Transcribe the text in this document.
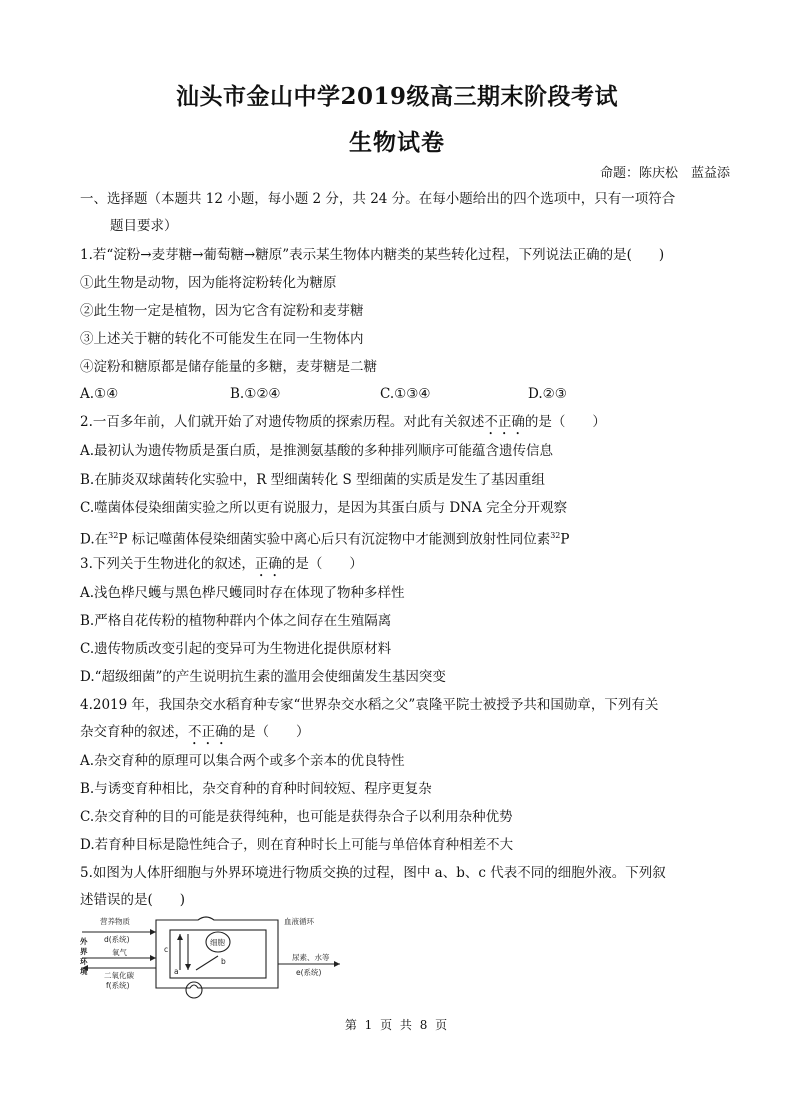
汕头市金山中学2019级高三期末阶段考试
生物试卷
命题：陈庆松　蓝益添
一、选择题（本题共 12 小题，每小题 2 分，共 24 分。在每小题给出的四个选项中，只有一项符合
题目要求）
1.若“淀粉→麦芽糖→葡萄糖→糖原”表示某生物体内糖类的某些转化过程，下列说法正确的是(　　)
①此生物是动物，因为能将淀粉转化为糖原
②此生物一定是植物，因为它含有淀粉和麦芽糖
③上述关于糖的转化不可能发生在同一生物体内
④淀粉和糖原都是储存能量的多糖，麦芽糖是二糖
A.①④	B.①②④	C.①③④	D.②③
2.一百多年前，人们就开始了对遗传物质的探索历程。对此有关叙述不正确的是（　　）
A.最初认为遗传物质是蛋白质，是推测氨基酸的多种排列顺序可能蕴含遗传信息
B.在肺炎双球菌转化实验中，R 型细菌转化 S 型细菌的实质是发生了基因重组
C.噬菌体侵染细菌实验之所以更有说服力，是因为其蛋白质与 DNA 完全分开观察
D.在$^{32}$P 标记噬菌体侵染细菌实验中离心后只有沉淀物中才能测到放射性同位素$^{32}$P
3.下列关于生物进化的叙述，正确的是（　　）
A.浅色桦尺蠖与黑色桦尺蠖同时存在体现了物种多样性
B.严格自花传粉的植物种群内个体之间存在生殖隔离
C.遗传物质改变引起的变异可为生物进化提供原材料
D.“超级细菌”的产生说明抗生素的滥用会使细菌发生基因突变
4.2019 年，我国杂交水稻育种专家“世界杂交水稻之父”袁隆平院士被授予共和国勋章，下列有关
杂交育种的叙述，不正确的是（　　）
A.杂交育种的原理可以集合两个或多个亲本的优良特性
B.与诱变育种相比，杂交育种的育种时间较短、程序更复杂
C.杂交育种的目的可能是获得纯种，也可能是获得杂合子以利用杂种优势
D.若育种目标是隐性纯合子，则在育种时长上可能与单倍体育种相差不大
5.如图为人体肝细胞与外界环境进行物质交换的过程，图中 a、b、c 代表不同的细胞外液。下列叙
述错误的是(　　)
外
界
环
境
营养物质
d(系统)
氧气
二氧化碳
f(系统)
血液循环
细胞
a
b
c
尿素、水等
e(系统)
第 1 页 共 8 页
